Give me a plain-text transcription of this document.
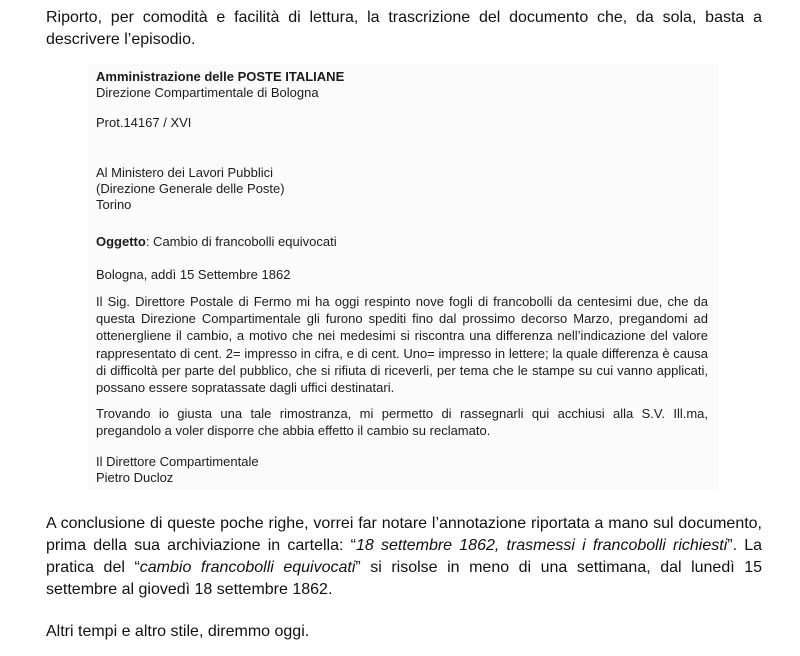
Riporto, per comodità e facilità di lettura, la trascrizione del documento che, da sola, basta a descrivere l’episodio.

Amministrazione delle POSTE ITALIANE

Direzione Compartimentale di Bologna

Prot.14167 / XVI

Al Ministero dei Lavori Pubblici

(Direzione Generale delle Poste)

Torino

Oggetto: Cambio di francobolli equivocati

Bologna, addì 15 Settembre 1862

Il Sig. Direttore Postale di Fermo mi ha oggi respinto nove fogli di francobolli da centesimi due, che da questa Direzione Compartimentale gli furono spediti fino dal prossimo decorso Marzo, pregandomi ad ottenergliene il cambio, a motivo che nei medesimi si riscontra una differenza nell’indicazione del valore rappresentato di cent. 2= impresso in cifra, e di cent. Uno= impresso in lettere; la quale differenza è causa di difficoltà per parte del pubblico, che si rifiuta di riceverli, per tema che le stampe su cui vanno applicati, possano essere sopratassate dagli uffici destinatari.

Trovando io giusta una tale rimostranza, mi permetto di rassegnarli qui acchiusi alla S.V. Ill.ma, pregandolo a voler disporre che abbia effetto il cambio su reclamato.

Il Direttore Compartimentale

Pietro Ducloz

A conclusione di queste poche righe, vorrei far notare l’annotazione riportata a mano sul documento, prima della sua archiviazione in cartella: “18 settembre 1862, trasmessi i francobolli richiesti”. La pratica del “cambio francobolli equivocati” si risolse in meno di una settimana, dal lunedì 15 settembre al giovedì 18 settembre 1862.

Altri tempi e altro stile, diremmo oggi.
